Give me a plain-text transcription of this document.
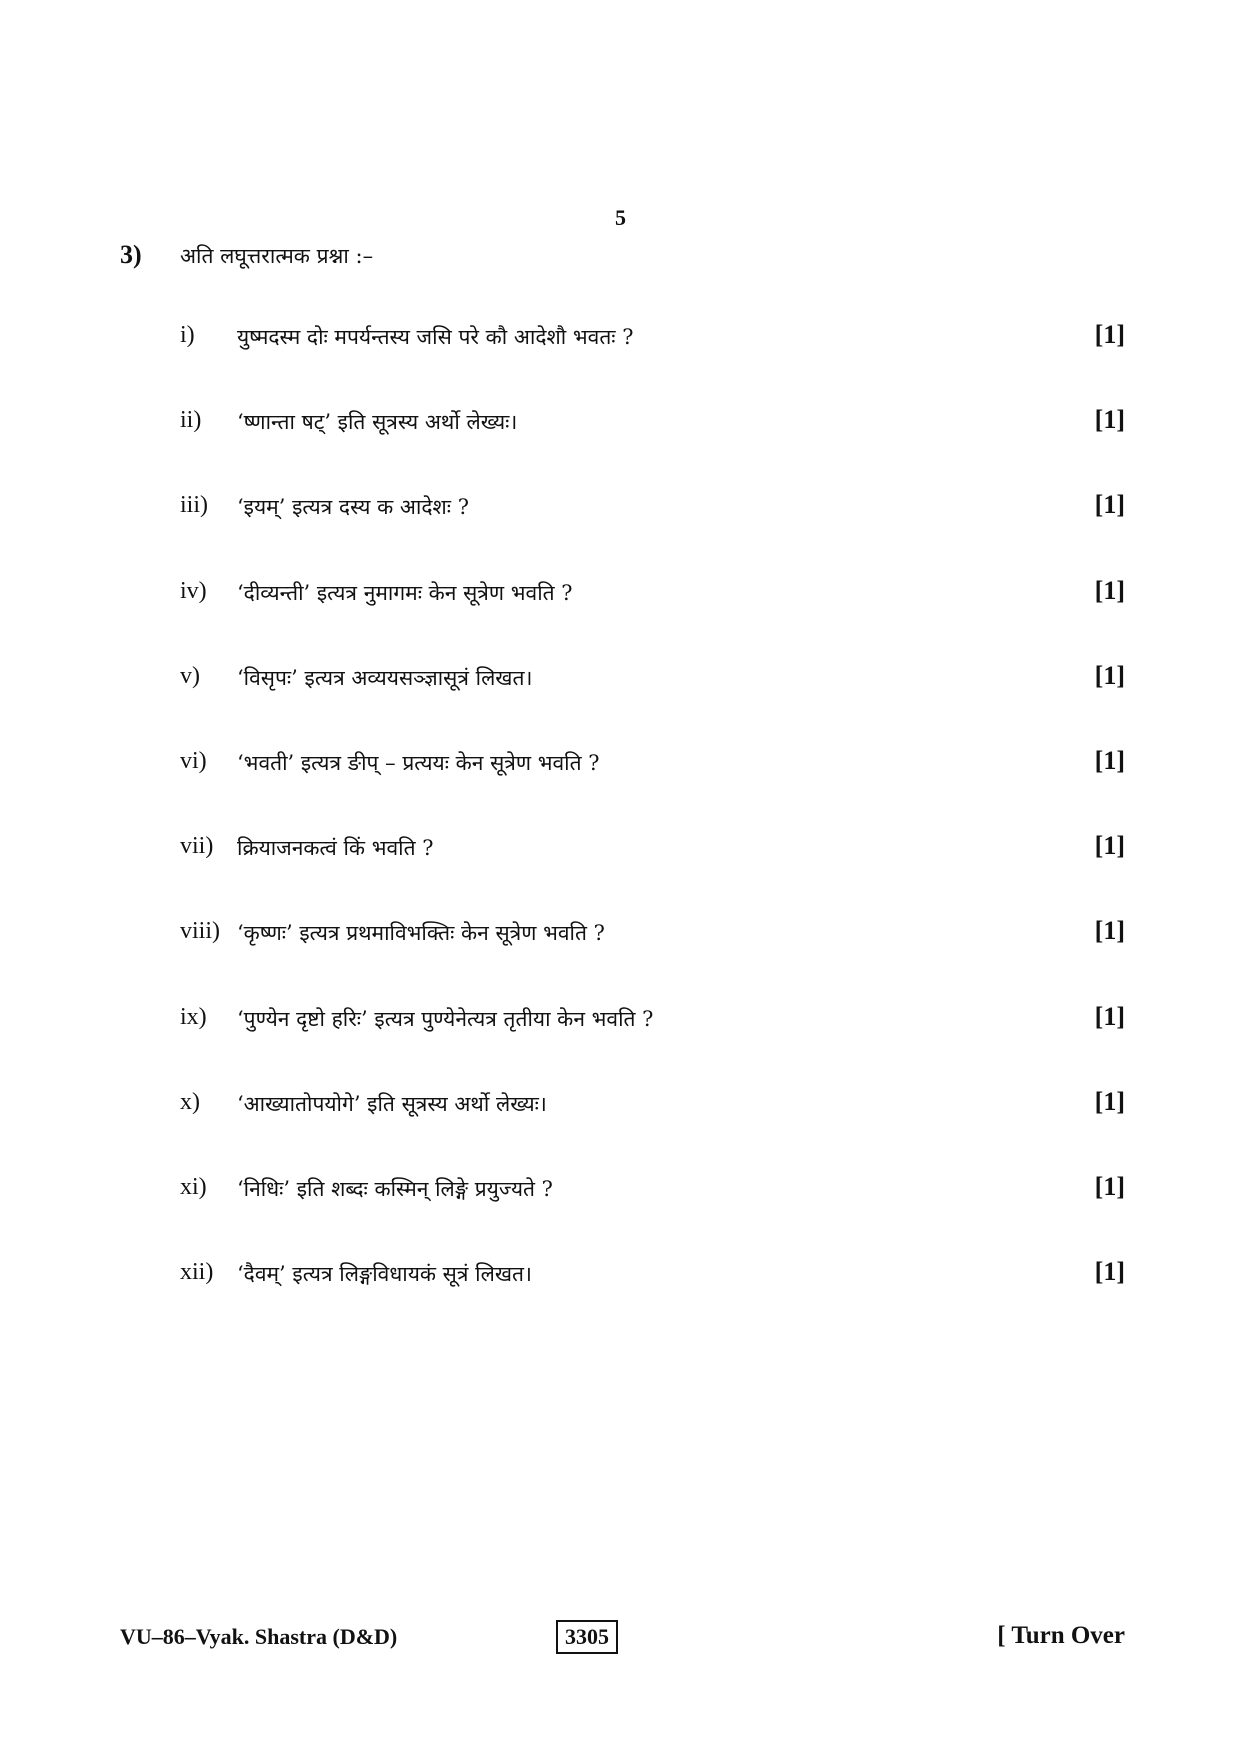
5
3) अति लघूत्तरात्मक प्रश्ना :–
i) युष्मदस्म दोः मपर्यन्तस्य जसि परे कौ आदेशौ भवतः ?	[1]
ii) ‘ष्णान्ता षट्’ इति सूत्रस्य अर्थो लेख्यः।	[1]
iii) ‘इयम्’ इत्यत्र दस्य क आदेशः ?	[1]
iv) ‘दीव्यन्ती’ इत्यत्र नुमागमः केन सूत्रेण भवति ?	[1]
v) ‘विसृपः’ इत्यत्र अव्ययसञ्ज्ञासूत्रं लिखत।	[1]
vi) ‘भवती’ इत्यत्र ङीप् – प्रत्ययः केन सूत्रेण भवति ?	[1]
vii) क्रियाजनकत्वं किं भवति ?	[1]
viii) ‘कृष्णः’ इत्यत्र प्रथमाविभक्तिः केन सूत्रेण भवति ?	[1]
ix) ‘पुण्येन दृष्टो हरिः’ इत्यत्र पुण्येनेत्यत्र तृतीया केन भवति ?	[1]
x) ‘आख्यातोपयोगे’ इति सूत्रस्य अर्थो लेख्यः।	[1]
xi) ‘निधिः’ इति शब्दः कस्मिन् लिङ्गे प्रयुज्यते ?	[1]
xii) ‘दैवम्’ इत्यत्र लिङ्गविधायकं सूत्रं लिखत।	[1]
VU–86–Vyak. Shastra (D&D)	3305	[ Turn Over
